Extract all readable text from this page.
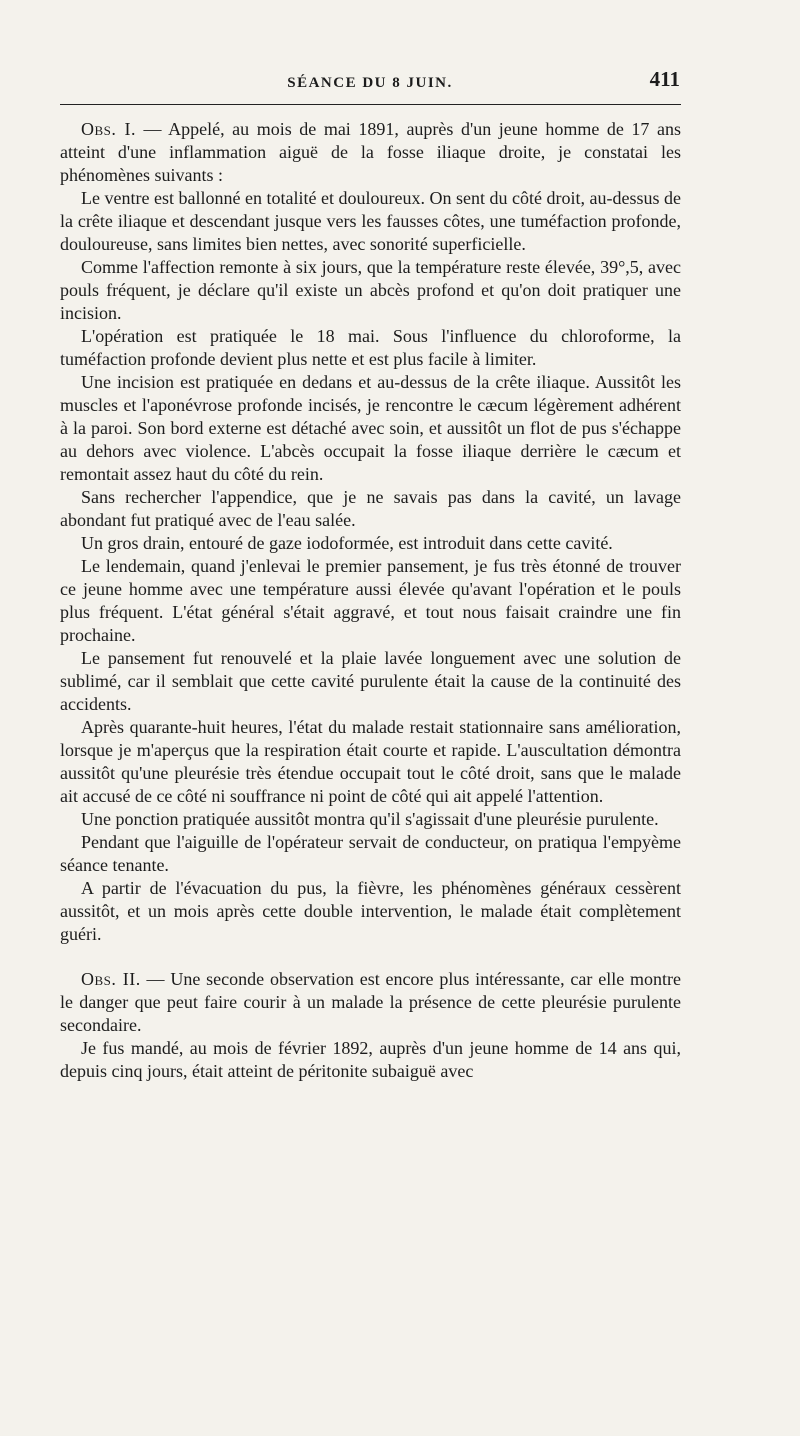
SÉANCE DU 8 JUIN.	411

Obs. I. — Appelé, au mois de mai 1891, auprès d'un jeune homme de 17 ans atteint d'une inflammation aiguë de la fosse iliaque droite, je constatai les phénomènes suivants :

Le ventre est ballonné en totalité et douloureux. On sent du côté droit, au-dessus de la crête iliaque et descendant jusque vers les fausses côtes, une tuméfaction profonde, douloureuse, sans limites bien nettes, avec sonorité superficielle.

Comme l'affection remonte à six jours, que la température reste élevée, 39°,5, avec pouls fréquent, je déclare qu'il existe un abcès profond et qu'on doit pratiquer une incision.

L'opération est pratiquée le 18 mai. Sous l'influence du chloroforme, la tuméfaction profonde devient plus nette et est plus facile à limiter.

Une incision est pratiquée en dedans et au-dessus de la crête iliaque. Aussitôt les muscles et l'aponévrose profonde incisés, je rencontre le cæcum légèrement adhérent à la paroi. Son bord externe est détaché avec soin, et aussitôt un flot de pus s'échappe au dehors avec violence. L'abcès occupait la fosse iliaque derrière le cæcum et remontait assez haut du côté du rein.

Sans rechercher l'appendice, que je ne savais pas dans la cavité, un lavage abondant fut pratiqué avec de l'eau salée.

Un gros drain, entouré de gaze iodoformée, est introduit dans cette cavité.

Le lendemain, quand j'enlevai le premier pansement, je fus très étonné de trouver ce jeune homme avec une température aussi élevée qu'avant l'opération et le pouls plus fréquent. L'état général s'était aggravé, et tout nous faisait craindre une fin prochaine.

Le pansement fut renouvelé et la plaie lavée longuement avec une solution de sublimé, car il semblait que cette cavité purulente était la cause de la continuité des accidents.

Après quarante-huit heures, l'état du malade restait stationnaire sans amélioration, lorsque je m'aperçus que la respiration était courte et rapide. L'auscultation démontra aussitôt qu'une pleurésie très étendue occupait tout le côté droit, sans que le malade ait accusé de ce côté ni souffrance ni point de côté qui ait appelé l'attention.

Une ponction pratiquée aussitôt montra qu'il s'agissait d'une pleurésie purulente.

Pendant que l'aiguille de l'opérateur servait de conducteur, on pratiqua l'empyème séance tenante.

A partir de l'évacuation du pus, la fièvre, les phénomènes généraux cessèrent aussitôt, et un mois après cette double intervention, le malade était complètement guéri.

Obs. II. — Une seconde observation est encore plus intéressante, car elle montre le danger que peut faire courir à un malade la présence de cette pleurésie purulente secondaire.

Je fus mandé, au mois de février 1892, auprès d'un jeune homme de 14 ans qui, depuis cinq jours, était atteint de péritonite subaiguë avec
